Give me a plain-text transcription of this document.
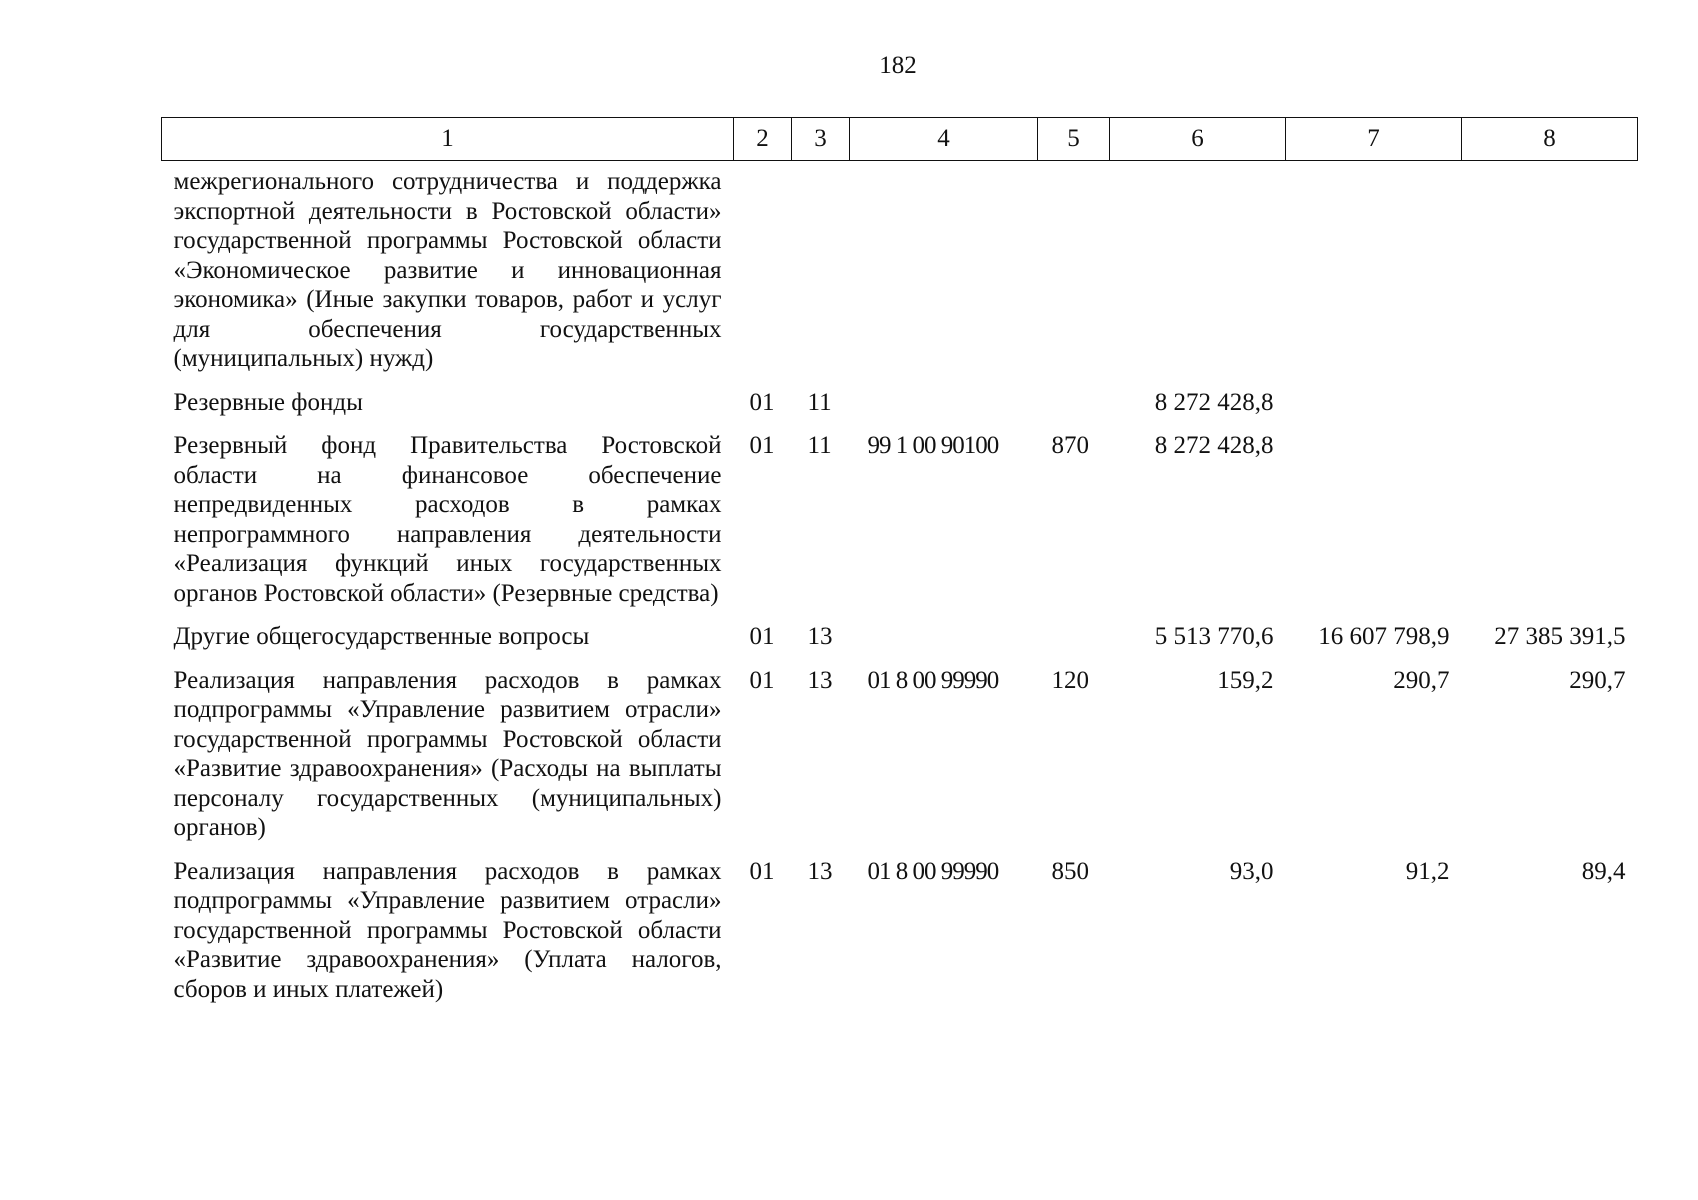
182
1	2	3	4	5	6	7	8
межрегионального сотрудничества и поддержка экспортной деятельности в Ростовской области» государственной программы Ростовской области «Экономическое развитие и инновационная экономика» (Иные закупки товаров, работ и услуг для обеспечения государственных (муниципальных) нужд)							
Резервные фонды	01	11			8 272 428,8		
Резервный фонд Правительства Ростовской области на финансовое обеспечение непредвиденных расходов в рамках непрограммного направления деятельности «Реализация функций иных государственных органов Ростовской области» (Резервные средства)	01	11	99 1 00 90100	870	8 272 428,8		
Другие общегосударственные вопросы	01	13			5 513 770,6	16 607 798,9	27 385 391,5
Реализация направления расходов в рамках подпрограммы «Управление развитием отрасли» государственной программы Ростовской области «Развитие здравоохранения» (Расходы на выплаты персоналу государственных (муниципальных) органов)	01	13	01 8 00 99990	120	159,2	290,7	290,7
Реализация направления расходов в рамках подпрограммы «Управление развитием отрасли» государственной программы Ростовской области «Развитие здравоохранения» (Уплата налогов, сборов и иных платежей)	01	13	01 8 00 99990	850	93,0	91,2	89,4
